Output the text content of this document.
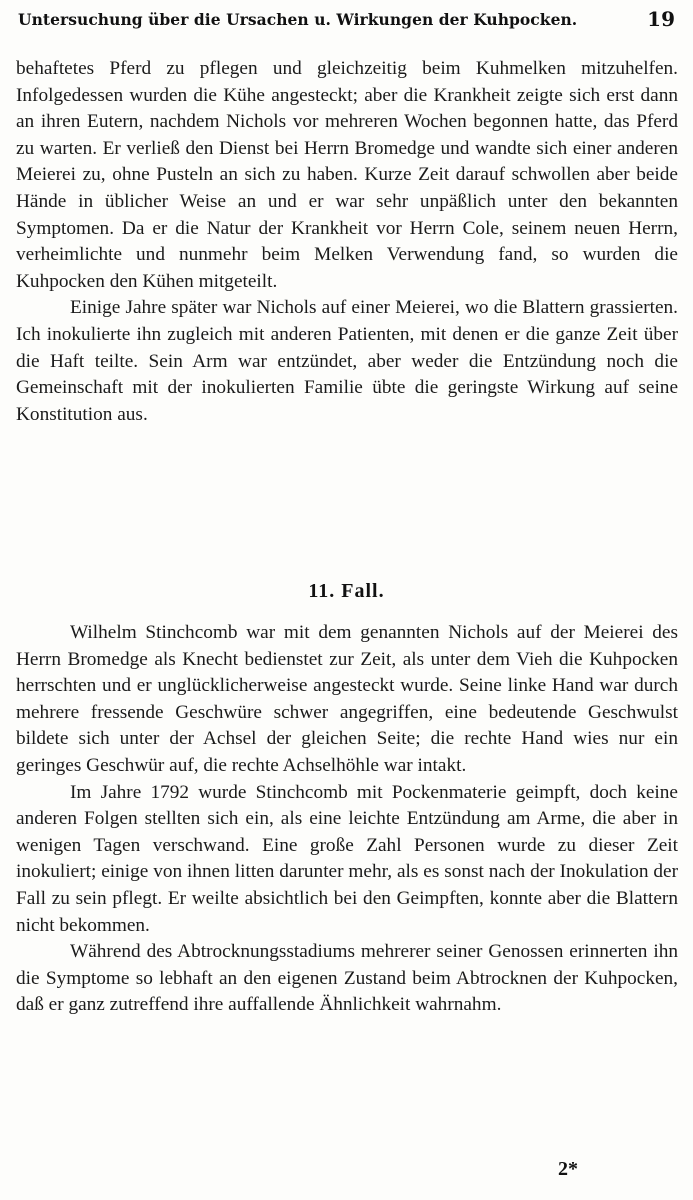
Untersuchung über die Ursachen u. Wirkungen der Kuhpocken.	19

behaftetes Pferd zu pflegen und gleichzeitig beim Kuhmelken mitzuhelfen. Infolgedessen wurden die Kühe angesteckt; aber die Krankheit zeigte sich erst dann an ihren Eutern, nachdem Nichols vor mehreren Wochen begonnen hatte, das Pferd zu warten. Er verließ den Dienst bei Herrn Bromedge und wandte sich einer anderen Meierei zu, ohne Pusteln an sich zu haben. Kurze Zeit darauf schwollen aber beide Hände in üblicher Weise an und er war sehr unpäßlich unter den bekannten Symptomen. Da er die Natur der Krankheit vor Herrn Cole, seinem neuen Herrn, verheimlichte und nunmehr beim Melken Verwendung fand, so wurden die Kuhpocken den Kühen mitgeteilt.

Einige Jahre später war Nichols auf einer Meierei, wo die Blattern grassierten. Ich inokulierte ihn zugleich mit anderen Patienten, mit denen er die ganze Zeit über die Haft teilte. Sein Arm war entzündet, aber weder die Entzündung noch die Gemeinschaft mit der inokulierten Familie übte die geringste Wirkung auf seine Konstitution aus.

11. Fall.

Wilhelm Stinchcomb war mit dem genannten Nichols auf der Meierei des Herrn Bromedge als Knecht bedienstet zur Zeit, als unter dem Vieh die Kuhpocken herrschten und er unglücklicherweise angesteckt wurde. Seine linke Hand war durch mehrere fressende Geschwüre schwer angegriffen, eine bedeutende Geschwulst bildete sich unter der Achsel der gleichen Seite; die rechte Hand wies nur ein geringes Geschwür auf, die rechte Achselhöhle war intakt.

Im Jahre 1792 wurde Stinchcomb mit Pockenmaterie geimpft, doch keine anderen Folgen stellten sich ein, als eine leichte Entzündung am Arme, die aber in wenigen Tagen verschwand. Eine große Zahl Personen wurde zu dieser Zeit inokuliert; einige von ihnen litten darunter mehr, als es sonst nach der Inokulation der Fall zu sein pflegt. Er weilte absichtlich bei den Geimpften, konnte aber die Blattern nicht bekommen.

Während des Abtrocknungsstadiums mehrerer seiner Genossen erinnerten ihn die Symptome so lebhaft an den eigenen Zustand beim Abtrocknen der Kuhpocken, daß er ganz zutreffend ihre auffallende Ähnlichkeit wahrnahm.

2*
